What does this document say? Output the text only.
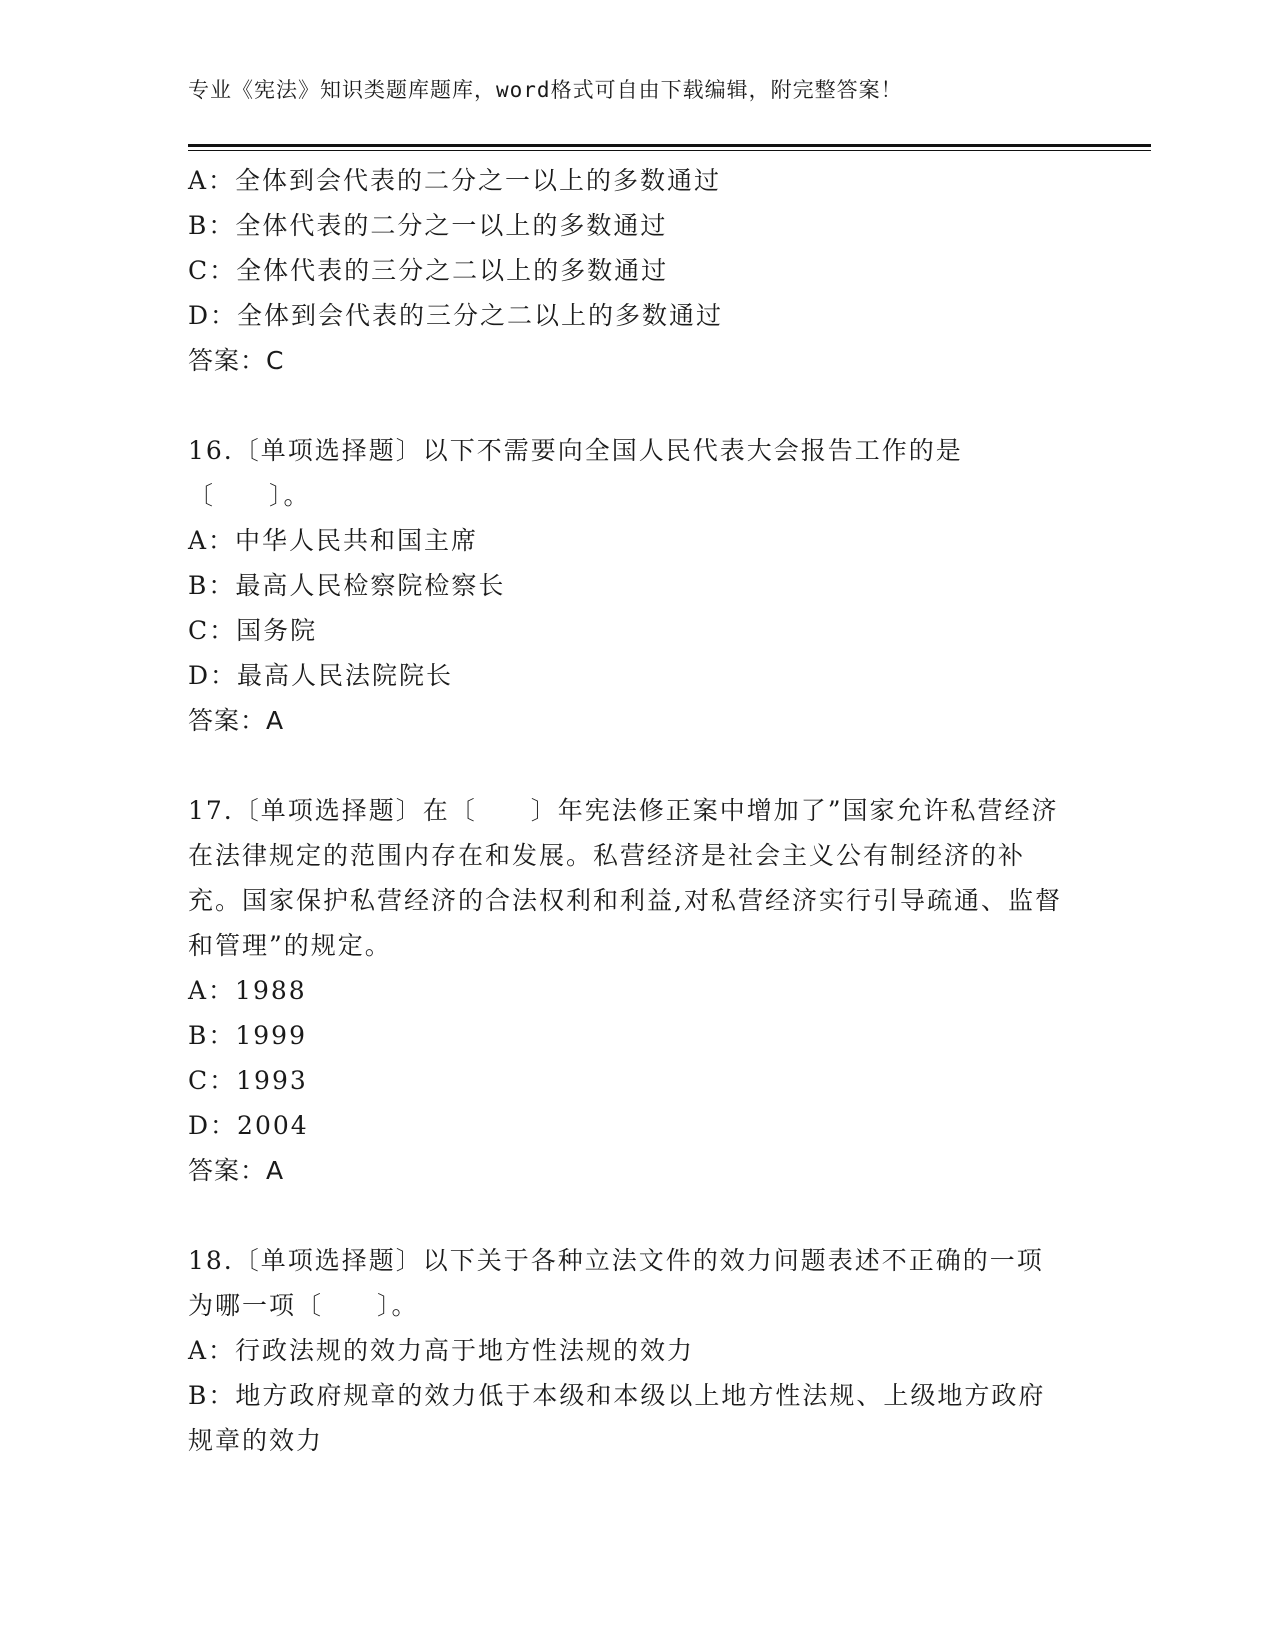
专业《宪法》知识类题库题库，word格式可自由下载编辑，附完整答案！
A：全体到会代表的二分之一以上的多数通过
B：全体代表的二分之一以上的多数通过
C：全体代表的三分之二以上的多数通过
D：全体到会代表的三分之二以上的多数通过
答案：C
16.〔单项选择题〕以下不需要向全国人民代表大会报告工作的是〔　　〕。
A：中华人民共和国主席
B：最高人民检察院检察长
C：国务院
D：最高人民法院院长
答案：A
17.〔单项选择题〕在〔　　〕年宪法修正案中增加了”国家允许私营经济在法律规定的范围内存在和发展。私营经济是社会主义公有制经济的补充。国家保护私营经济的合法权利和利益,对私营经济实行引导疏通、监督和管理”的规定。
A：1988
B：1999
C：1993
D：2004
答案：A
18.〔单项选择题〕以下关于各种立法文件的效力问题表述不正确的一项为哪一项〔　　〕。
A：行政法规的效力高于地方性法规的效力
B：地方政府规章的效力低于本级和本级以上地方性法规、上级地方政府规章的效力
